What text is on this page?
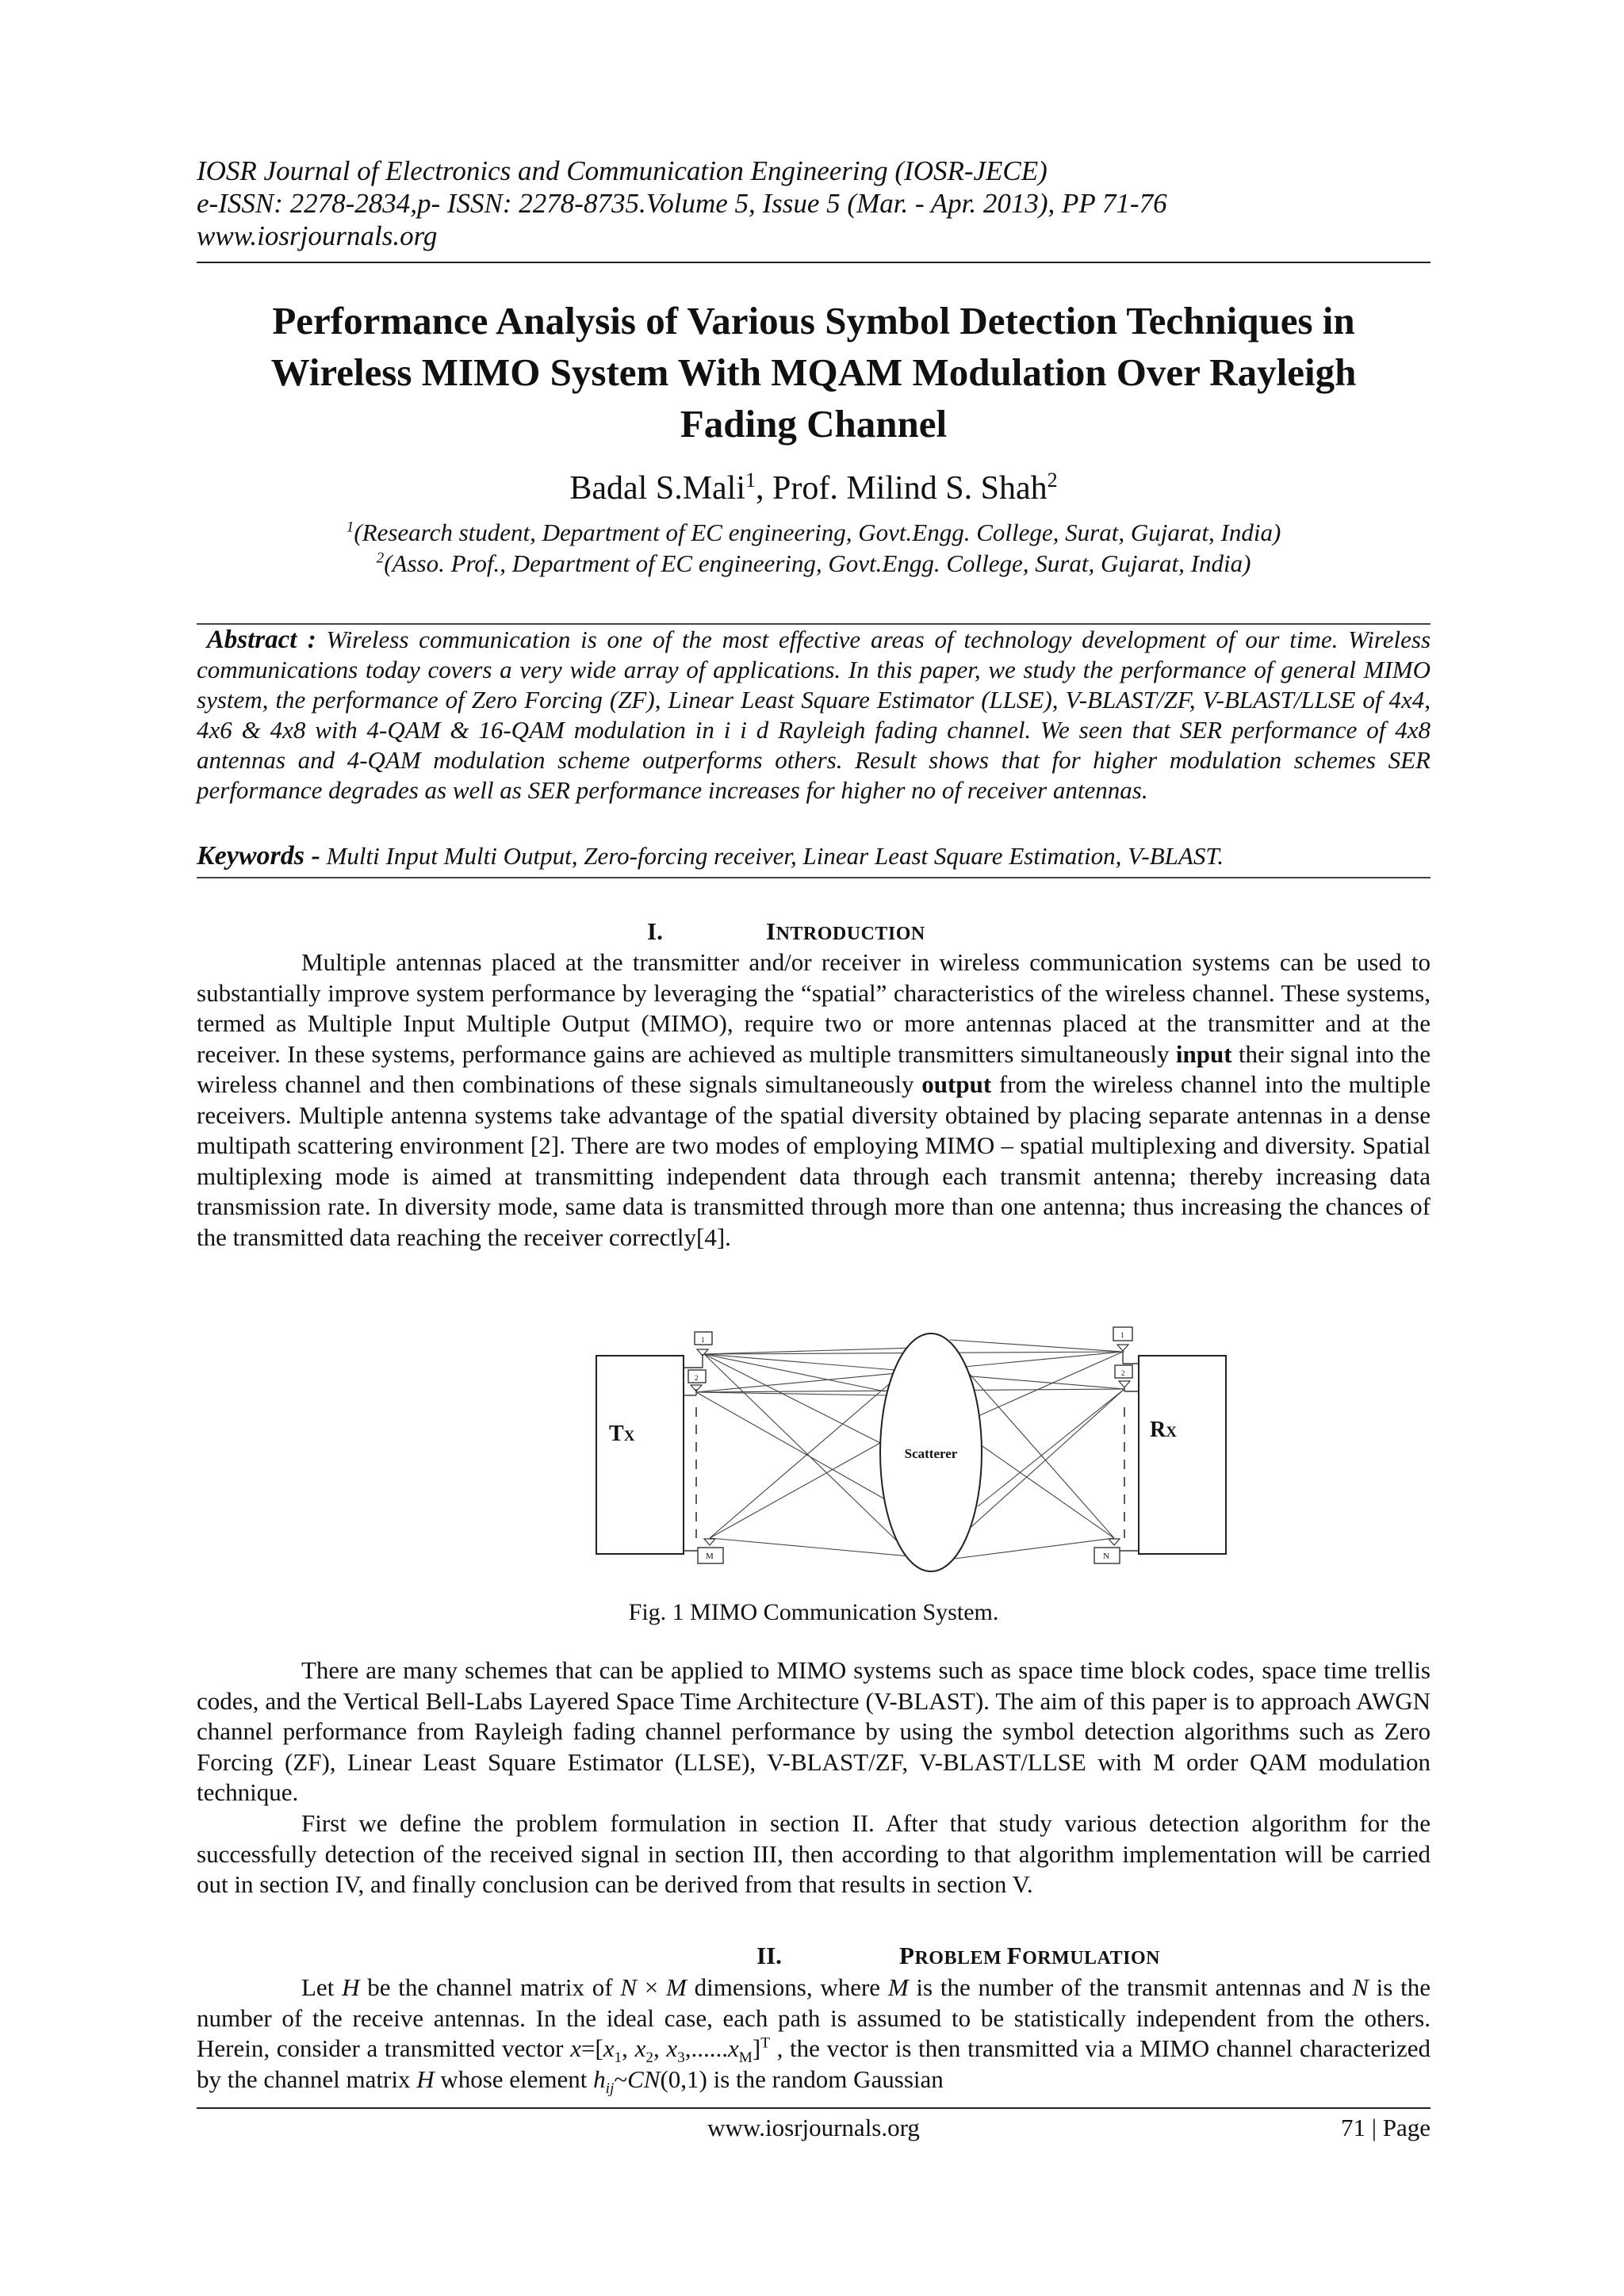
IOSR Journal of Electronics and Communication Engineering (IOSR-JECE)
e-ISSN: 2278-2834,p- ISSN: 2278-8735.Volume 5, Issue 5 (Mar. - Apr. 2013), PP 71-76
www.iosrjournals.org
Performance Analysis of Various Symbol Detection Techniques in
Wireless MIMO System With MQAM Modulation Over Rayleigh
Fading Channel
Badal S.Mali$^1$, Prof. Milind S. Shah$^2$
$^1$(Research student, Department of EC engineering, Govt.Engg. College, Surat, Gujarat, India)
$^2$(Asso. Prof., Department of EC engineering, Govt.Engg. College, Surat, Gujarat, India)
Abstract : Wireless communication is one of the most effective areas of technology development of our time. Wireless communications today covers a very wide array of applications. In this paper, we study the performance of general MIMO system, the performance of Zero Forcing (ZF), Linear Least Square Estimator (LLSE), V-BLAST/ZF, V-BLAST/LLSE of 4x4, 4x6 & 4x8 with 4-QAM & 16-QAM modulation in i i d Rayleigh fading channel. We seen that SER performance of 4x8 antennas and 4-QAM modulation scheme outperforms others. Result shows that for higher modulation schemes SER performance degrades as well as SER performance increases for higher no of receiver antennas.
Keywords - Multi Input Multi Output, Zero-forcing receiver, Linear Least Square Estimation, V-BLAST.
I.	INTRODUCTION
Multiple antennas placed at the transmitter and/or receiver in wireless communication systems can be used to substantially improve system performance by leveraging the “spatial” characteristics of the wireless channel. These systems, termed as Multiple Input Multiple Output (MIMO), require two or more antennas placed at the transmitter and at the receiver. In these systems, performance gains are achieved as multiple transmitters simultaneously input their signal into the wireless channel and then combinations of these signals simultaneously output from the wireless channel into the multiple receivers. Multiple antenna systems take advantage of the spatial diversity obtained by placing separate antennas in a dense multipath scattering environment [2]. There are two modes of employing MIMO – spatial multiplexing and diversity. Spatial multiplexing mode is aimed at transmitting independent data through each transmit antenna; thereby increasing data transmission rate. In diversity mode, same data is transmitted through more than one antenna; thus increasing the chances of the transmitted data reaching the receiver correctly[4].
Fig. 1 MIMO Communication System.
There are many schemes that can be applied to MIMO systems such as space time block codes, space time trellis codes, and the Vertical Bell-Labs Layered Space Time Architecture (V-BLAST). The aim of this paper is to approach AWGN channel performance from Rayleigh fading channel performance by using the symbol detection algorithms such as Zero Forcing (ZF), Linear Least Square Estimator (LLSE), V-BLAST/ZF, V-BLAST/LLSE with M order QAM modulation technique.
First we define the problem formulation in section II. After that study various detection algorithm for the successfully detection of the received signal in section III, then according to that algorithm implementation will be carried out in section IV, and finally conclusion can be derived from that results in section V.
II.	PROBLEM FORMULATION
Let H be the channel matrix of N × M dimensions, where M is the number of the transmit antennas and N is the number of the receive antennas. In the ideal case, each path is assumed to be statistically independent from the others. Herein, consider a transmitted vector $x=[x_1$, $x_2$, $x_3,......x_M]^T$ , the vector is then transmitted via a MIMO channel characterized by the channel matrix H whose element $h_{ij}\sim CN(0,1)$ is the random Gaussian
www.iosrjournals.org	71 | Page
TX	RX
1
2
M
1
2
N
Scatterer
